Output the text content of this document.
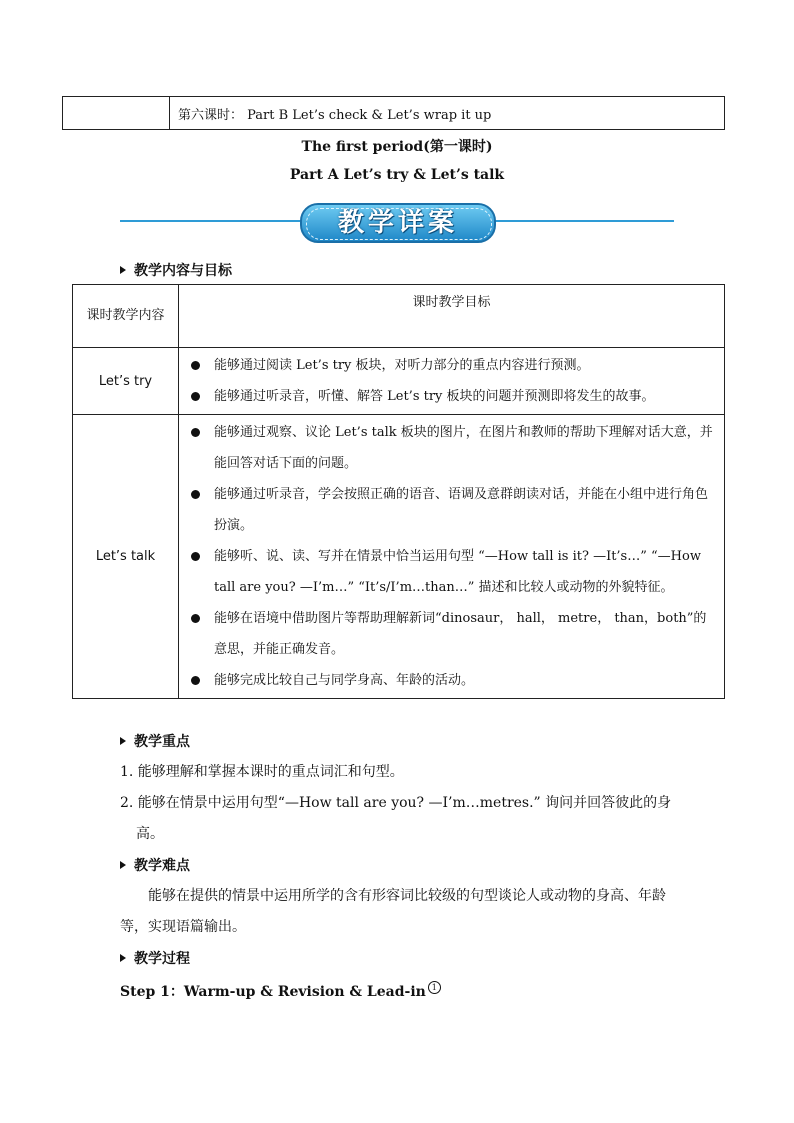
	第六课时： Part B Let’s check & Let’s wrap it up
The first period(第一课时)
Part A Let’s try & Let’s talk
教学详案
教学内容与目标
课时教学内容	课时教学目标
Let’s try	能够通过阅读 Let’s try 板块，对听力部分的重点内容进行预测。
能够通过听录音，听懂、解答 Let’s try 板块的问题并预测即将发生的故事。

Let’s talk	能够通过观察、议论 Let’s talk 板块的图片，在图片和教师的帮助下理解对话大意，并能回答对话下面的问题。
能够通过听录音，学会按照正确的语音、语调及意群朗读对话，并能在小组中进行角色扮演。
能够听、说、读、写并在情景中恰当运用句型 “—How tall is it? —It’s…” “—How tall are you? —I’m…” “It’s/I’m…than…” 描述和比较人或动物的外貌特征。
能够在语境中借助图片等帮助理解新词“dinosaur， hall， metre， than，both”的意思，并能正确发音。
能够完成比较自己与同学身高、年龄的活动。
教学重点
1. 能够理解和掌握本课时的重点词汇和句型。
2. 能够在情景中运用句型“—How tall are you? —I’m…metres.” 询问并回答彼此的身高。
教学难点
能够在提供的情景中运用所学的含有形容词比较级的句型谈论人或动物的身高、年龄等，实现语篇输出。
教学过程
Step 1：Warm-up & Revision & Lead-in 1
